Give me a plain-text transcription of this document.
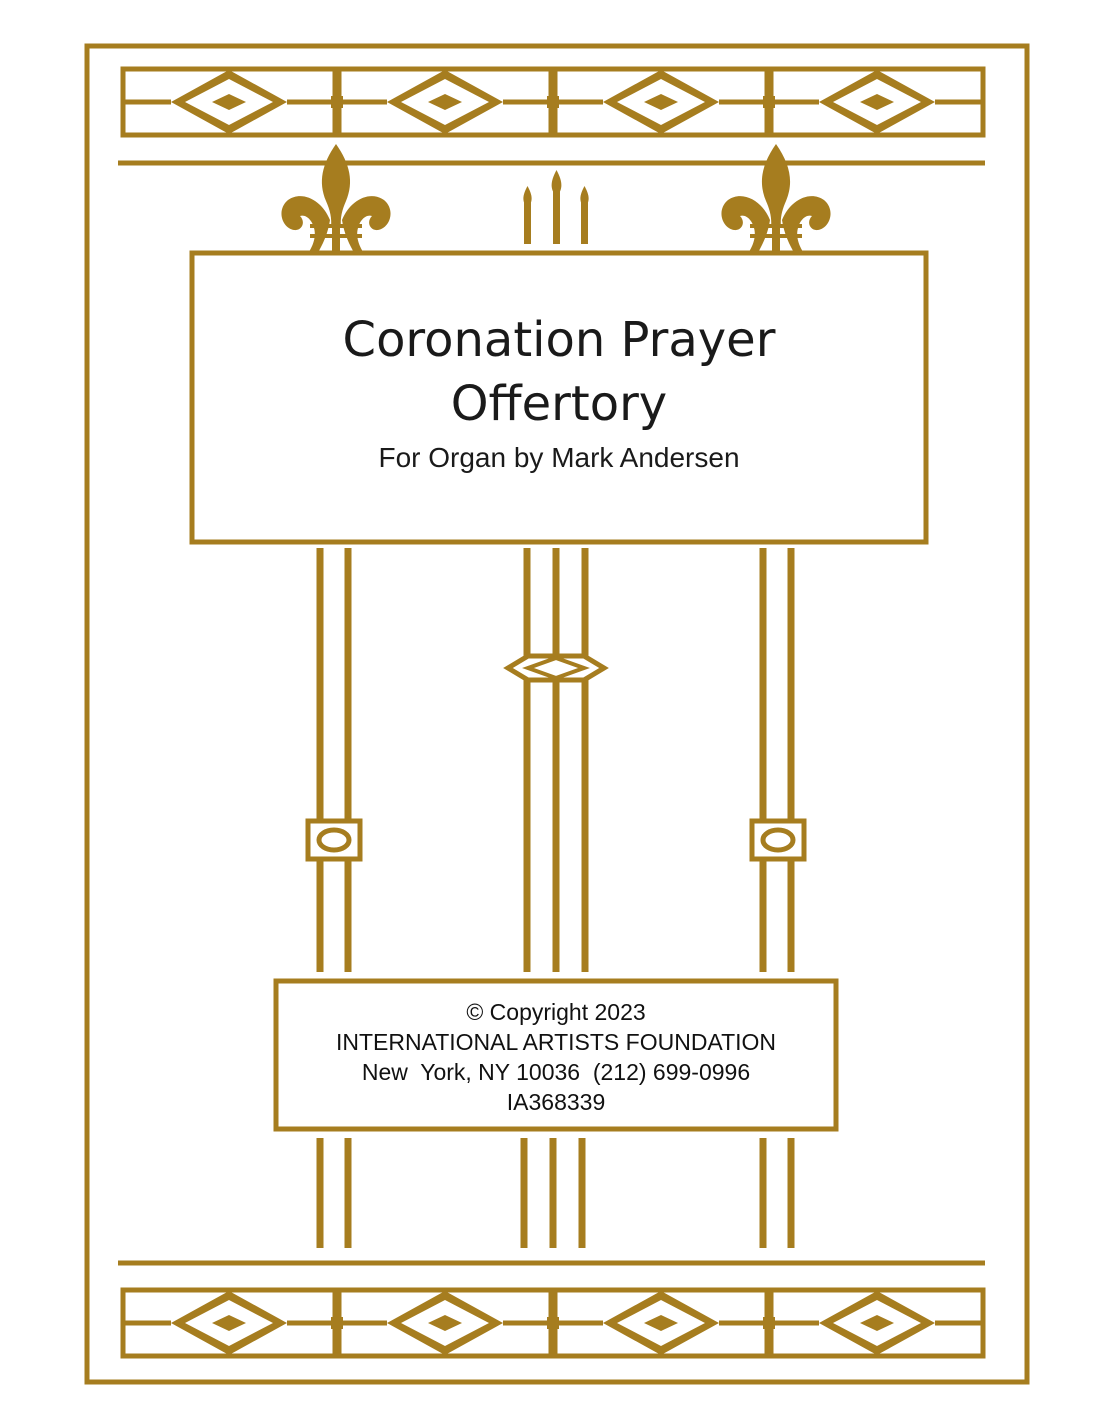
Coronation Prayer
Offertory
For Organ by Mark Andersen
© Copyright 2023
INTERNATIONAL ARTISTS FOUNDATION
New  York, NY 10036  (212) 699-0996
IA368339
